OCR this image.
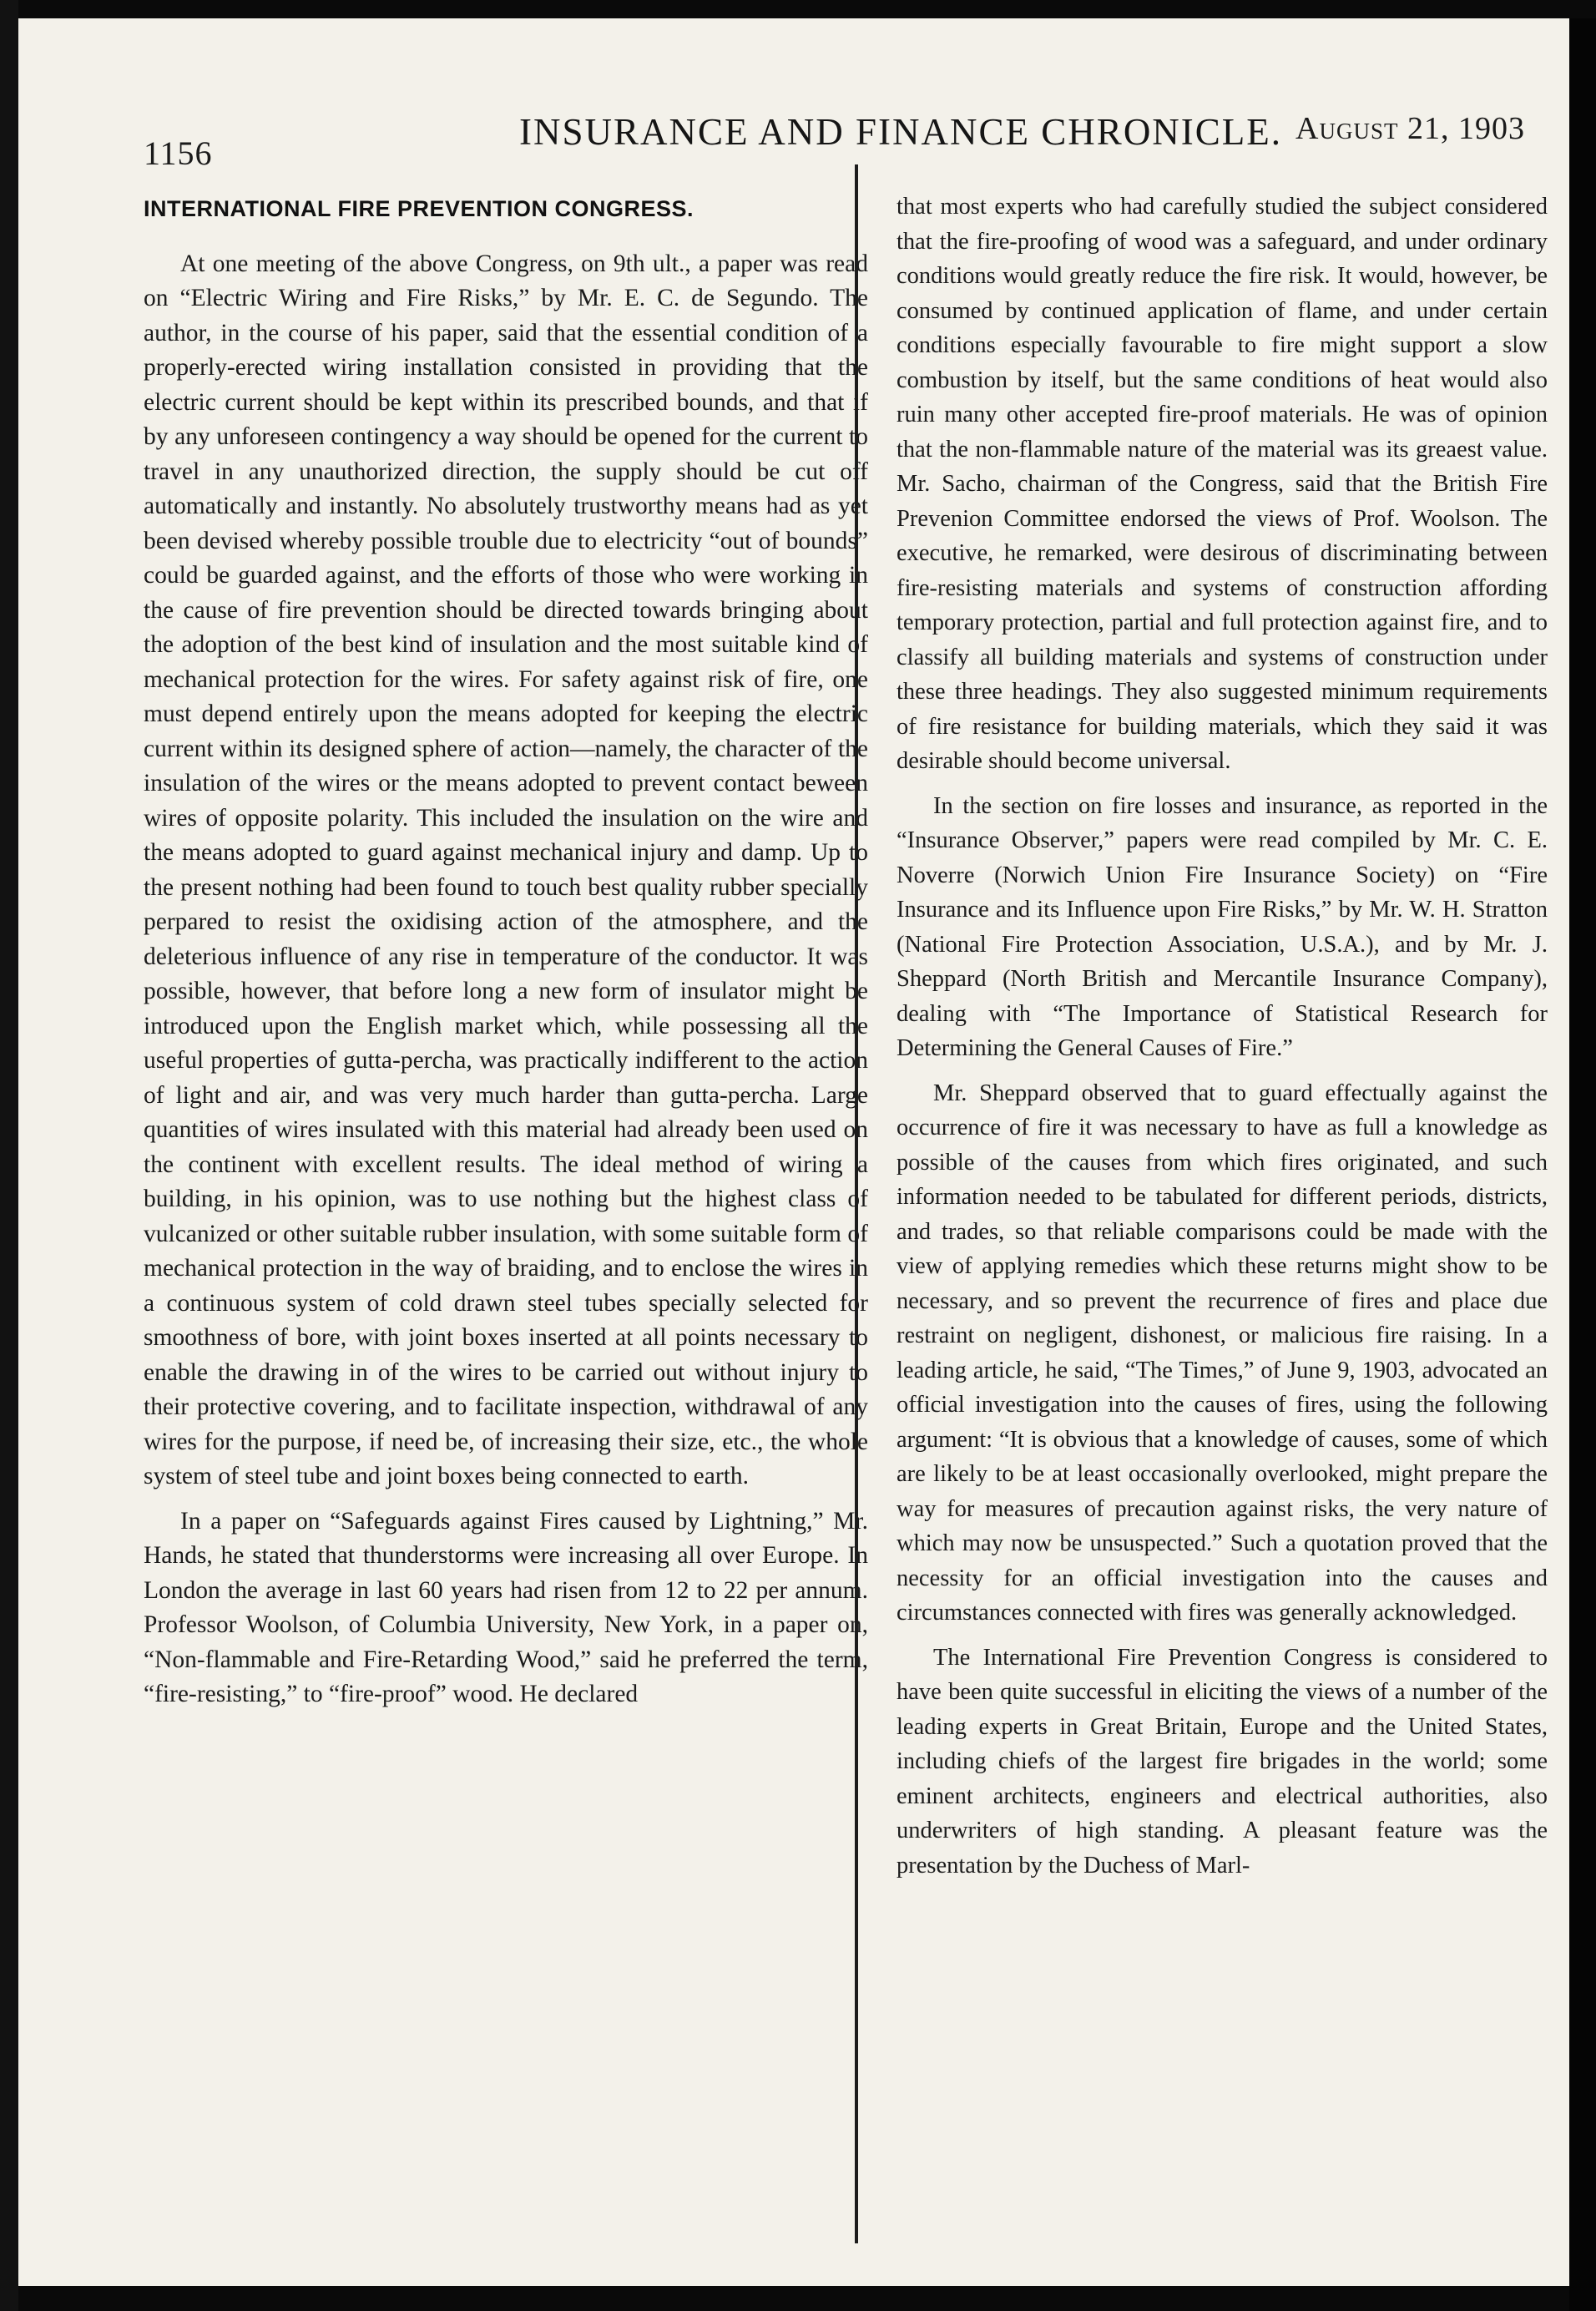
1156
INSURANCE AND FINANCE CHRONICLE. August 21, 1903
INTERNATIONAL FIRE PREVENTION CONGRESS.

At one meeting of the above Congress, on 9th ult., a paper was read on “Electric Wiring and Fire Risks,” by Mr. E. C. de Segundo. The author, in the course of his paper, said that the essential condition of a properly-erected wiring installation consisted in providing that the electric current should be kept within its prescribed bounds, and that if by any unforeseen contingency a way should be opened for the current to travel in any unauthorized direction, the supply should be cut off automatically and instantly. No absolutely trustworthy means had as yet been devised whereby possible trouble due to electricity “out of bounds” could be guarded against, and the efforts of those who were working in the cause of fire prevention should be directed towards bringing about the adoption of the best kind of insulation and the most suitable kind of mechanical protection for the wires. For safety against risk of fire, one must depend entirely upon the means adopted for keeping the electric current within its designed sphere of action—namely, the character of the insulation of the wires or the means adopted to prevent contact beween wires of opposite polarity. This included the insulation on the wire and the means adopted to guard against mechanical injury and damp. Up to the present nothing had been found to touch best quality rubber specially perpared to resist the oxidising action of the atmosphere, and the deleterious influence of any rise in temperature of the conductor. It was possible, however, that before long a new form of insulator might be introduced upon the English market which, while possessing all the useful properties of gutta-percha, was practically indifferent to the action of light and air, and was very much harder than gutta-percha. Large quantities of wires insulated with this material had already been used on the continent with excellent results. The ideal method of wiring a building, in his opinion, was to use nothing but the highest class of vulcanized or other suitable rubber insulation, with some suitable form of mechanical protection in the way of braiding, and to enclose the wires in a continuous system of cold drawn steel tubes specially selected for smoothness of bore, with joint boxes inserted at all points necessary to enable the drawing in of the wires to be carried out without injury to their protective covering, and to facilitate inspection, withdrawal of any wires for the purpose, if need be, of increasing their size, etc., the whole system of steel tube and joint boxes being connected to earth.

In a paper on “Safeguards against Fires caused by Lightning,” Mr. Hands, he stated that thunderstorms were increasing all over Europe. In London the average in last 60 years had risen from 12 to 22 per annum. Professor Woolson, of Columbia University, New York, in a paper on, “Non-flammable and Fire-Retarding Wood,” said he preferred the term, “fire-resisting,” to “fire-proof” wood. He declared

that most experts who had carefully studied the subject considered that the fire-proofing of wood was a safeguard, and under ordinary conditions would greatly reduce the fire risk. It would, however, be consumed by continued application of flame, and under certain conditions especially favourable to fire might support a slow combustion by itself, but the same conditions of heat would also ruin many other accepted fire-proof materials. He was of opinion that the non-flammable nature of the material was its greaest value. Mr. Sacho, chairman of the Congress, said that the British Fire Prevenion Committee endorsed the views of Prof. Woolson. The executive, he remarked, were desirous of discriminating between fire-resisting materials and systems of construction affording temporary protection, partial and full protection against fire, and to classify all building materials and systems of construction under these three headings. They also suggested minimum requirements of fire resistance for building materials, which they said it was desirable should become universal.

In the section on fire losses and insurance, as reported in the “Insurance Observer,” papers were read compiled by Mr. C. E. Noverre (Norwich Union Fire Insurance Society) on “Fire Insurance and its Influence upon Fire Risks,” by Mr. W. H. Stratton (National Fire Protection Association, U.S.A.), and by Mr. J. Sheppard (North British and Mercantile Insurance Company), dealing with “The Importance of Statistical Research for Determining the General Causes of Fire.”

Mr. Sheppard observed that to guard effectually against the occurrence of fire it was necessary to have as full a knowledge as possible of the causes from which fires originated, and such information needed to be tabulated for different periods, districts, and trades, so that reliable comparisons could be made with the view of applying remedies which these returns might show to be necessary, and so prevent the recurrence of fires and place due restraint on negligent, dishonest, or malicious fire raising. In a leading article, he said, “The Times,” of June 9, 1903, advocated an official investigation into the causes of fires, using the following argument: “It is obvious that a knowledge of causes, some of which are likely to be at least occasionally overlooked, might prepare the way for measures of precaution against risks, the very nature of which may now be unsuspected.” Such a quotation proved that the necessity for an official investigation into the causes and circumstances connected with fires was generally acknowledged.

The International Fire Prevention Congress is considered to have been quite successful in eliciting the views of a number of the leading experts in Great Britain, Europe and the United States, including chiefs of the largest fire brigades in the world; some eminent architects, engineers and electrical authorities, also underwriters of high standing. A pleasant feature was the presentation by the Duchess of Marl-
